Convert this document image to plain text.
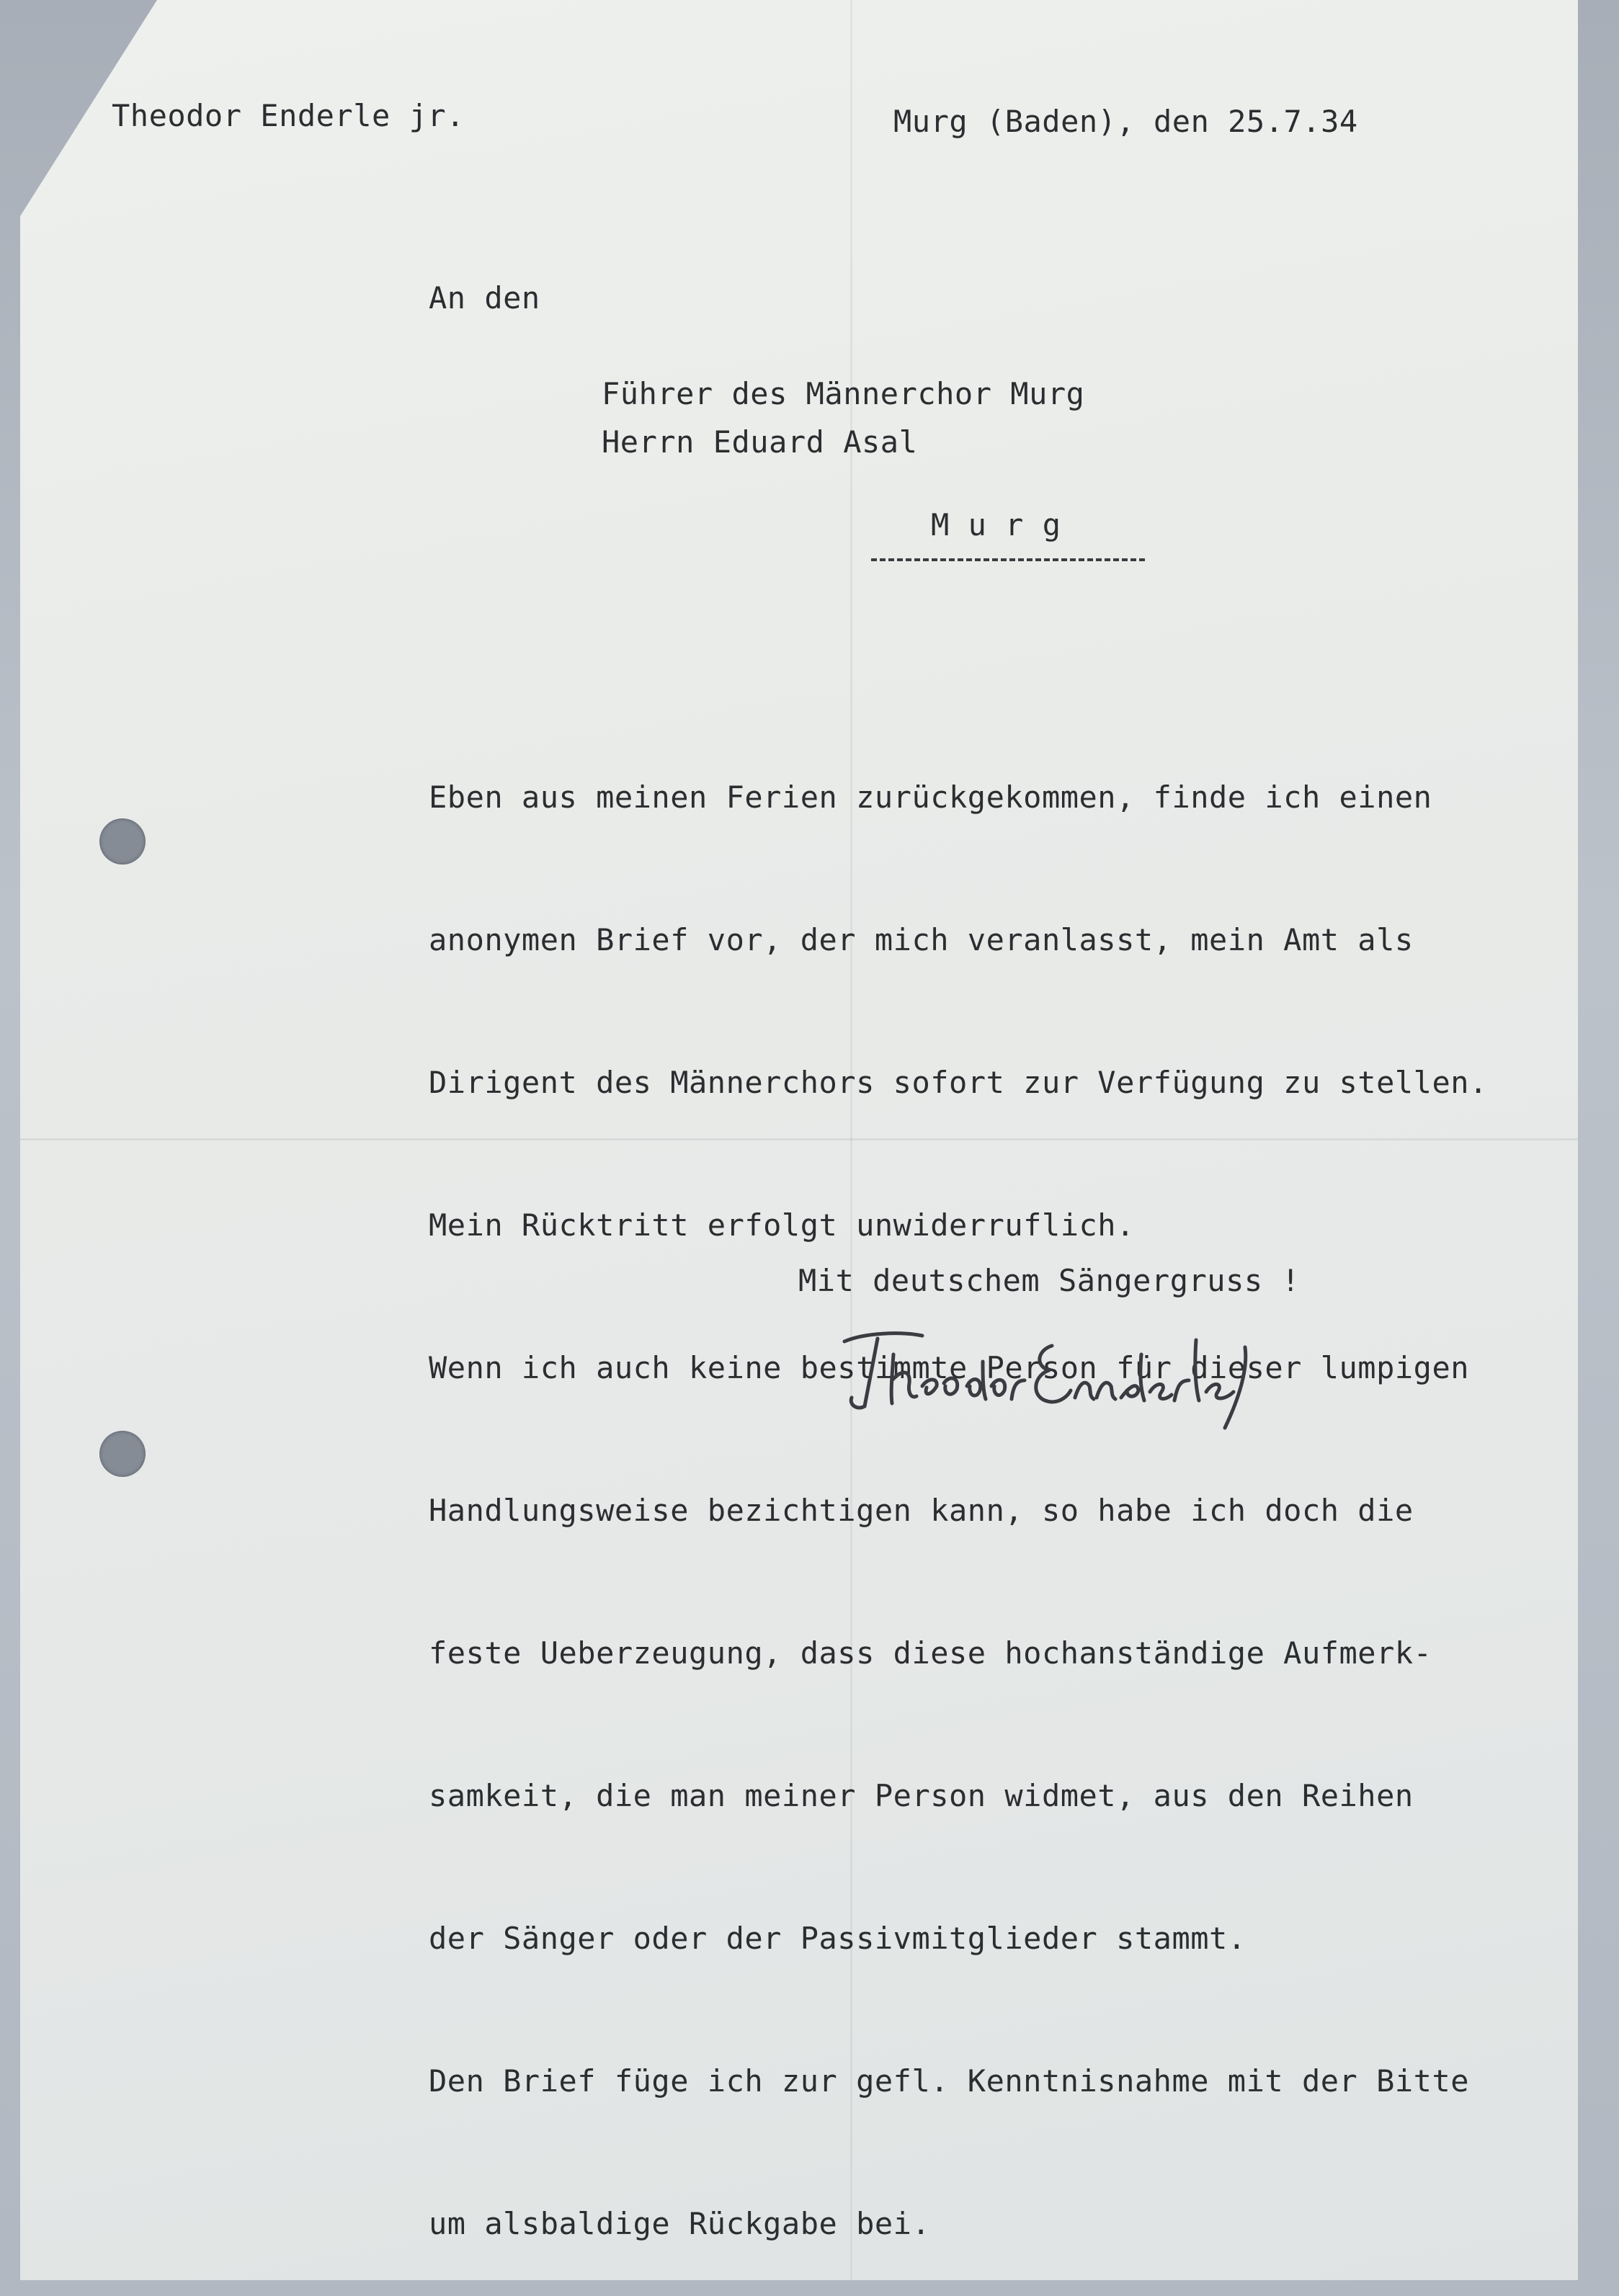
Theodor Enderle jr.	Murg (Baden), den 25.7.34
An den
Führer des Männerchor Murg
Herrn Eduard Asal
M u r g

Eben aus meinen Ferien zurückgekommen, finde ich einen

anonymen Brief vor, der mich veranlasst, mein Amt als

Dirigent des Männerchors sofort zur Verfügung zu stellen.

Mein Rücktritt erfolgt unwiderruflich.

Wenn ich auch keine bestimmte Person für dieser lumpigen

Handlungsweise bezichtigen kann, so habe ich doch die

feste Ueberzeugung, dass diese hochanständige Aufmerk-

samkeit, die man meiner Person widmet, aus den Reihen

der Sänger oder der Passivmitglieder stammt.

Den Brief füge ich zur gefl. Kenntnisnahme mit der Bitte

um alsbaldige Rückgabe bei.

Mit deutschem Sängergruss !
